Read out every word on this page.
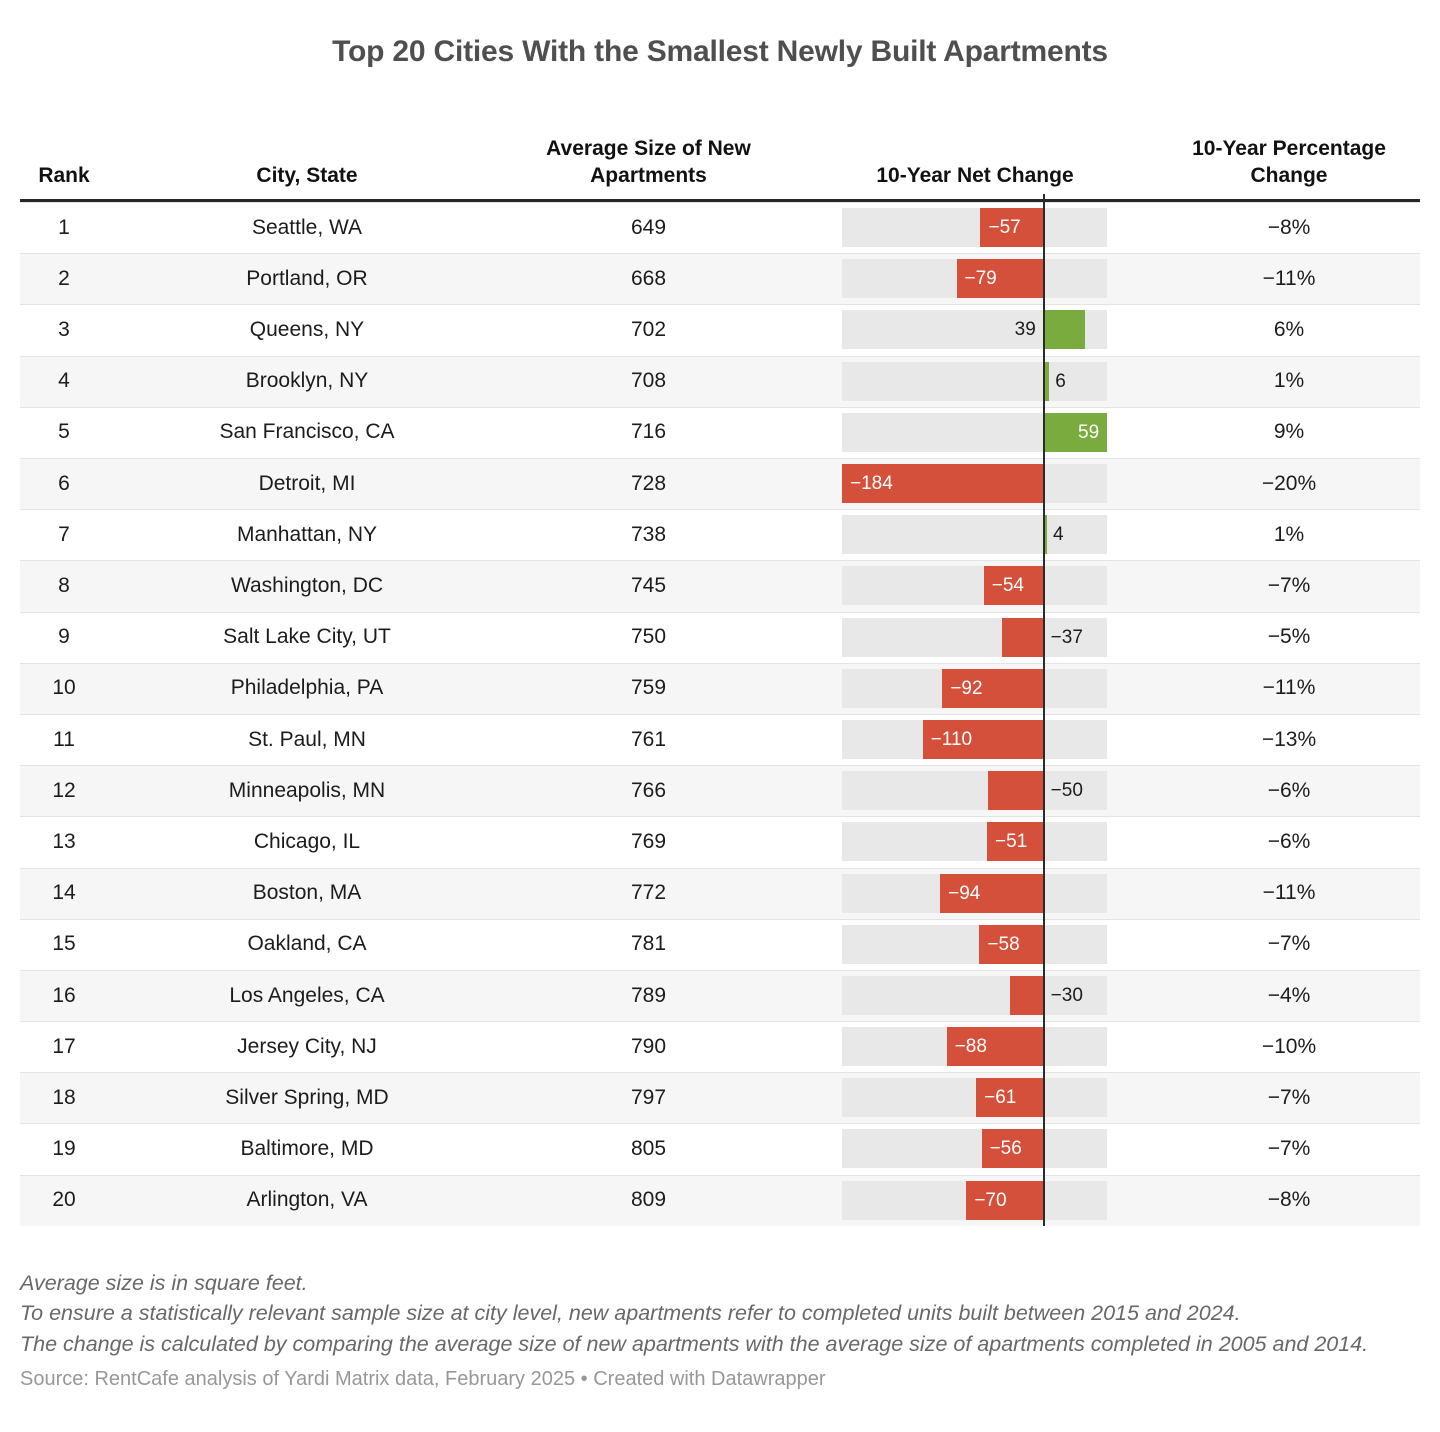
Top 20 Cities With the Smallest Newly Built Apartments
Rank	City, State
Average Size of New Apartments	10-Year Net Change
10-Year Percentage Change
1	Seattle, WA	649	−57	−8%
2	Portland, OR	668	−79	−11%
3	Queens, NY	702	39	6%
4	Brooklyn, NY	708	6	1%
5	San Francisco, CA	716	59	9%
6	Detroit, MI	728	−184	−20%
7	Manhattan, NY	738	4	1%
8	Washington, DC	745	−54	−7%
9	Salt Lake City, UT	750	−37	−5%
10	Philadelphia, PA	759	−92	−11%
11	St. Paul, MN	761	−110	−13%
12	Minneapolis, MN	766	−50	−6%
13	Chicago, IL	769	−51	−6%
14	Boston, MA	772	−94	−11%
15	Oakland, CA	781	−58	−7%
16	Los Angeles, CA	789	−30	−4%
17	Jersey City, NJ	790	−88	−10%
18	Silver Spring, MD	797	−61	−7%
19	Baltimore, MD	805	−56	−7%
20	Arlington, VA	809	−70	−8%
Average size is in square feet.
To ensure a statistically relevant sample size at city level, new apartments refer to completed units built between 2015 and 2024.
The change is calculated by comparing the average size of new apartments with the average size of apartments completed in 2005 and 2014.
Source: RentCafe analysis of Yardi Matrix data, February 2025 • Created with Datawrapper
